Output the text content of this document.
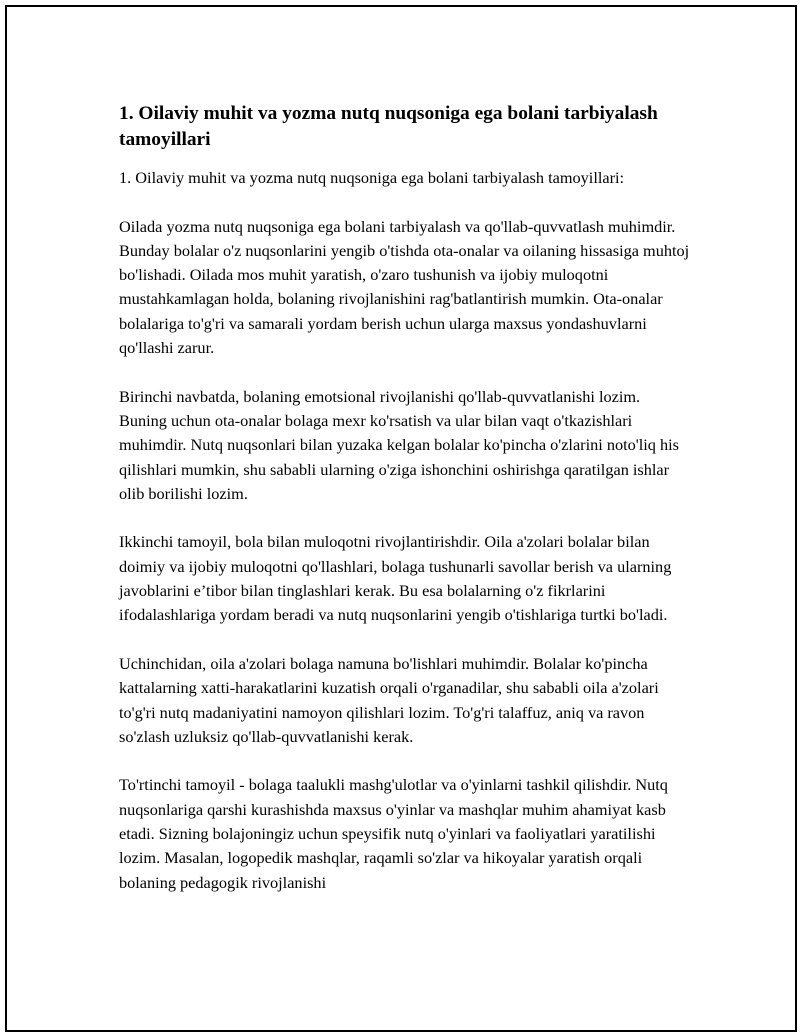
1. Oilaviy muhit va yozma nutq nuqsoniga ega bolani tarbiyalash tamoyillari

1. Oilaviy muhit va yozma nutq nuqsoniga ega bolani tarbiyalash tamoyillari:

Oilada yozma nutq nuqsoniga ega bolani tarbiyalash va qo'llab-quvvatlash muhimdir. Bunday bolalar o'z nuqsonlarini yengib o'tishda ota-onalar va oilaning hissasiga muhtoj bo'lishadi. Oilada mos muhit yaratish, o'zaro tushunish va ijobiy muloqotni mustahkamlagan holda, bolaning rivojlanishini rag'batlantirish mumkin. Ota-onalar bolalariga to'g'ri va samarali yordam berish uchun ularga maxsus yondashuvlarni qo'llashi zarur.

Birinchi navbatda, bolaning emotsional rivojlanishi qo'llab-quvvatlanishi lozim. Buning uchun ota-onalar bolaga mexr ko'rsatish va ular bilan vaqt o'tkazishlari muhimdir. Nutq nuqsonlari bilan yuzaka kelgan bolalar ko'pincha o'zlarini noto'liq his qilishlari mumkin, shu sababli ularning o'ziga ishonchini oshirishga qaratilgan ishlar olib borilishi lozim.

Ikkinchi tamoyil, bola bilan muloqotni rivojlantirishdir. Oila a'zolari bolalar bilan doimiy va ijobiy muloqotni qo'llashlari, bolaga tushunarli savollar berish va ularning javoblarini e’tibor bilan tinglashlari kerak. Bu esa bolalarning o'z fikrlarini ifodalashlariga yordam beradi va nutq nuqsonlarini yengib o'tishlariga turtki bo'ladi.

Uchinchidan, oila a'zolari bolaga namuna bo'lishlari muhimdir. Bolalar ko'pincha kattalarning xatti-harakatlarini kuzatish orqali o'rganadilar, shu sababli oila a'zolari to'g'ri nutq madaniyatini namoyon qilishlari lozim. To'g'ri talaffuz, aniq va ravon so'zlash uzluksiz qo'llab-quvvatlanishi kerak.

To'rtinchi tamoyil - bolaga taalukli mashg'ulotlar va o'yinlarni tashkil qilishdir. Nutq nuqsonlariga qarshi kurashishda maxsus o'yinlar va mashqlar muhim ahamiyat kasb etadi. Sizning bolajoningiz uchun speysifik nutq o'yinlari va faoliyatlari yaratilishi lozim. Masalan, logopedik mashqlar, raqamli so'zlar va hikoyalar yaratish orqali bolaning pedagogik rivojlanishi
